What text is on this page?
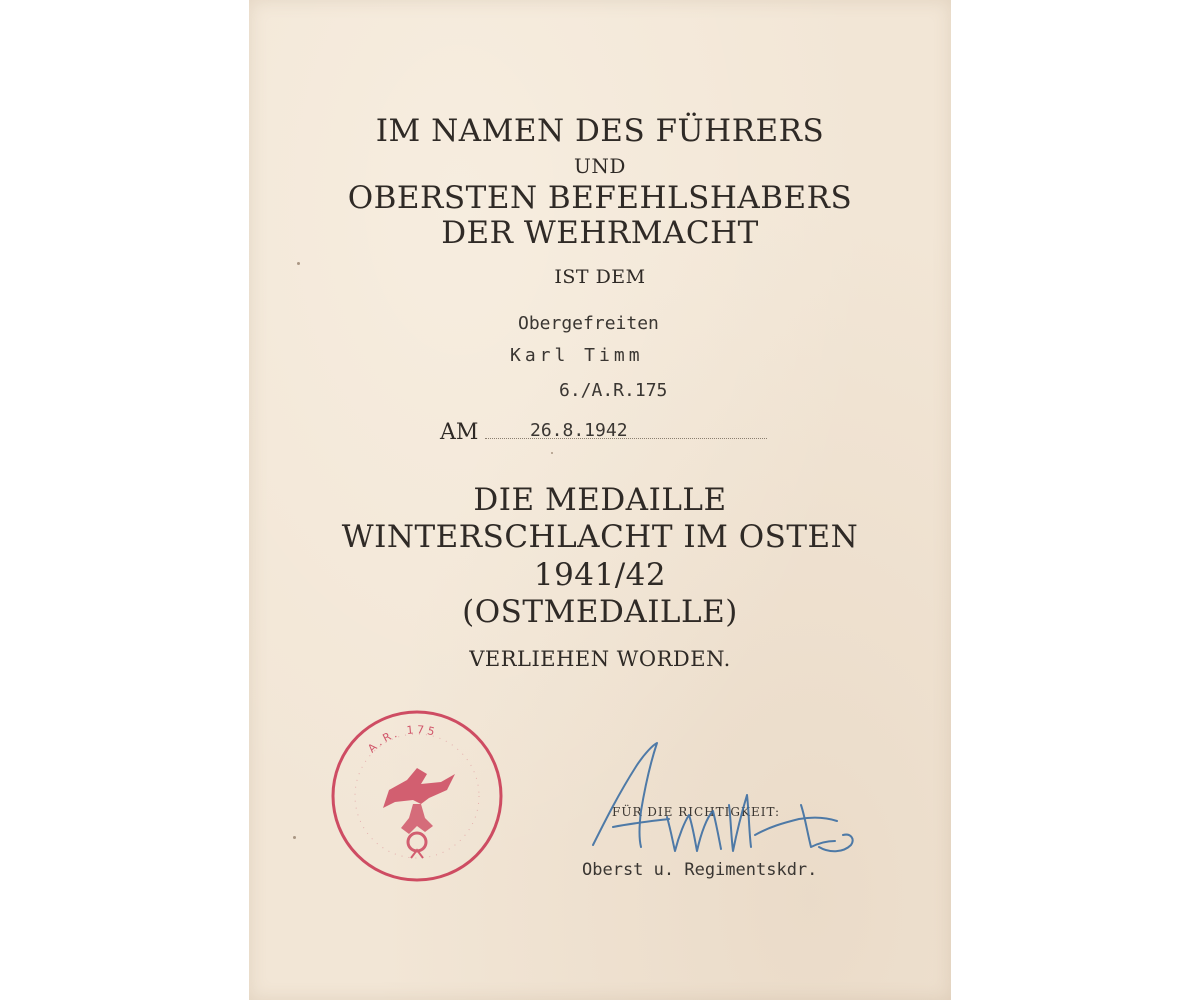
IM NAMEN DES FÜHRERS
UND
OBERSTEN BEFEHLSHABERS
DER WEHRMACHT
IST DEM
Obergefreiten
Karl Timm
6./A.R.175
AM	26.8.1942
DIE MEDAILLE
WINTERSCHLACHT IM OSTEN
1941/42
(OSTMEDAILLE)
VERLIEHEN WORDEN.
A.R. 175
FÜR DIE RICHTIGKEIT:
Oberst u. Regimentskdr.
